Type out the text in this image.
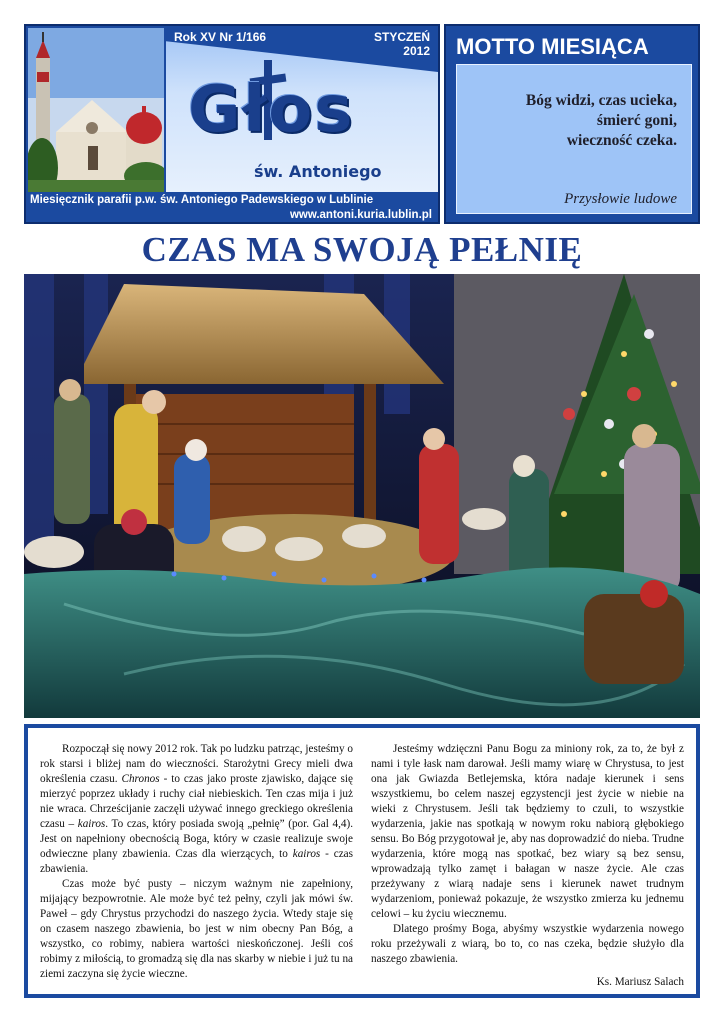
Rok XV Nr 1/166	STYCZEŃ
2012
Głos
św. Antoniego
Miesięcznik parafii p.w. św. Antoniego Padewskiego w Lublinie
www.antoni.kuria.lublin.pl
MOTTO MIESIĄCA
Bóg widzi, czas ucieka,
śmierć goni,
wieczność czeka.
Przysłowie ludowe
CZAS MA SWOJĄ PEŁNIĘ

Rozpoczął się nowy 2012 rok. Tak po ludzku patrząc, jesteśmy o rok starsi i bliżej nam do wieczności. Starożytni Grecy mieli dwa określenia czasu. Chronos - to czas jako proste zjawisko, dające się mierzyć poprzez układy i ruchy ciał niebieskich. Ten czas mija i już nie wraca. Chrześcijanie zaczęli używać innego greckiego określenia czasu – kairos. To czas, który posiada swoją „pełnię” (por. Gal 4,4). Jest on napełniony obecnością Boga, który w czasie realizuje swoje odwieczne plany zbawienia. Czas dla wierzących, to kairos - czas zbawienia.

Czas może być pusty – niczym ważnym nie zapełniony, mijający bezpowrotnie. Ale może być też pełny, czyli jak mówi św. Paweł – gdy Chrystus przychodzi do naszego życia. Wtedy staje się on czasem naszego zbawienia, bo jest w nim obecny Pan Bóg, a wszystko, co robimy, nabiera wartości nieskończonej. Jeśli coś robimy z miłością, to gromadzą się dla nas skarby w niebie i już tu na ziemi zaczyna się życie wieczne.

Jesteśmy wdzięczni Panu Bogu za miniony rok, za to, że był z nami i tyle łask nam darował. Jeśli mamy wiarę w Chrystusa, to jest ona jak Gwiazda Betlejemska, która nadaje kierunek i sens wszystkiemu, bo celem naszej egzystencji jest życie w niebie na wieki z Chrystusem. Jeśli tak będziemy to czuli, to wszystkie wydarzenia, jakie nas spotkają w nowym roku nabiorą głębokiego sensu. Bo Bóg przygotował je, aby nas doprowadzić do nieba. Trudne wydarzenia, które mogą nas spotkać, bez wiary są bez sensu, wprowadzają tylko zamęt i bałagan w nasze życie. Ale czas przeżywany z wiarą nadaje sens i kierunek nawet trudnym wydarzeniom, ponieważ pokazuje, że wszystko zmierza ku jednemu celowi – ku życiu wiecznemu.

Dlatego prośmy Boga, abyśmy wszystkie wydarzenia nowego roku przeżywali z wiarą, bo to, co nas czeka, będzie służyło dla naszego zbawienia.

Ks. Mariusz Salach
